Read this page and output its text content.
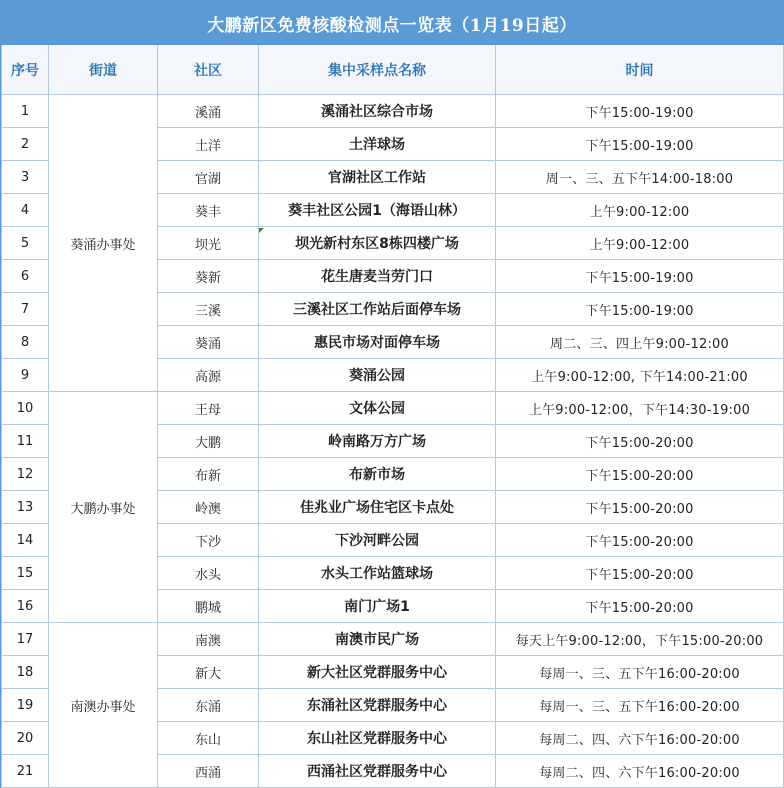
大鹏新区免费核酸检测点一览表（1月19日起）
序号	街道	社区	集中采样点名称	时间
1	葵涌办事处	溪涌	溪涌社区综合市场	下午15:00-19:00
2		土洋	土洋球场	下午15:00-19:00
3		官湖	官湖社区工作站	周一、三、五下午14:00-18:00
4		葵丰	葵丰社区公园1（海语山林）	上午9:00-12:00
5		坝光	坝光新村东区8栋四楼广场	上午9:00-12:00
6		葵新	花生唐麦当劳门口	下午15:00-19:00
7		三溪	三溪社区工作站后面停车场	下午15:00-19:00
8		葵涌	惠民市场对面停车场	周二、三、四上午9:00-12:00
9		高源	葵涌公园	上午9:00-12:00, 下午14:00-21:00
10	大鹏办事处	王母	文体公园	上午9:00-12:00，下午14:30-19:00
11		大鹏	岭南路万方广场	下午15:00-20:00
12		布新	布新市场	下午15:00-20:00
13		岭澳	佳兆业广场住宅区卡点处	下午15:00-20:00
14		下沙	下沙河畔公园	下午15:00-20:00
15		水头	水头工作站篮球场	下午15:00-20:00
16		鹏城	南门广场1	下午15:00-20:00
17	南澳办事处	南澳	南澳市民广场	每天上午9:00-12:00，下午15:00-20:00
18		新大	新大社区党群服务中心	每周一、三、五下午16:00-20:00
19		东涌	东涌社区党群服务中心	每周一、三、五下午16:00-20:00
20		东山	东山社区党群服务中心	每周二、四、六下午16:00-20:00
21		西涌	西涌社区党群服务中心	每周二、四、六下午16:00-20:00
